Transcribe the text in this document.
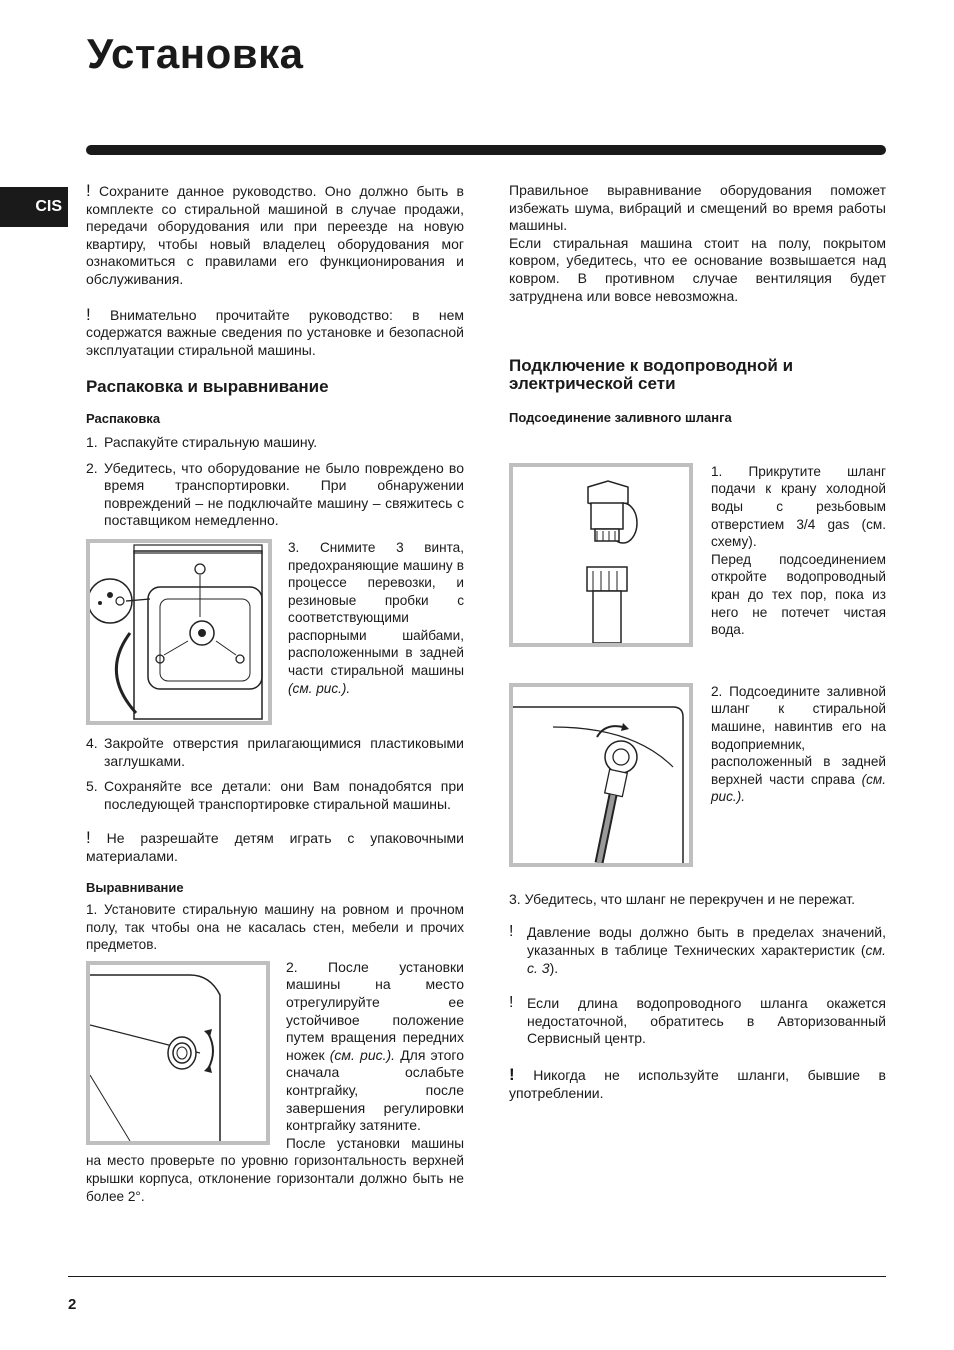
Установка
CIS

! Сохраните данное руководство. Оно должно быть в комплекте со стиральной машиной в случае продажи, передачи оборудования или при переезде на новую квартиру, чтобы новый владелец оборудования мог ознакомиться с правилами его функционирования и обслуживания.

! Внимательно прочитайте руководство: в нем содержатся важные сведения по установке и безопасной эксплуатации стиральной машины.

Распаковка и выравнивание
Распаковка
1. Распакуйте стиральную машину.
2. Убедитесь, что оборудование не было повреждено во время транспортировки. При обнаружении повреждений – не подключайте машину – свяжитесь с поставщиком немедленно.

3. Снимите 3 винта, предохраняющие машину в процессе перевозки, и резиновые пробки с соответствующими распорными шайбами, расположенными в задней части стиральной машины (см. рис.).

4. Закройте отверстия прилагающимися пластиковыми заглушками.
5. Сохраняйте все детали: они Вам понадобятся при последующей транспортировке стиральной машины.

! Не разрешайте детям играть с упаковочными материалами.

Выравнивание

1. Установите стиральную машину на ровном и прочном полу, так чтобы она не касалась стен, мебели и прочих предметов.

2. После установки машины на место отрегулируйте ее устойчивое положение путем вращения передних ножек (см. рис.). Для этого сначала ослабьте контргайку, после завершения регулировки контргайку затяните.

После установки машины на место проверьте по уровню горизонтальность верхней крышки корпуса, отклонение горизонтали должно быть не более 2°.

Правильное выравнивание оборудования поможет избежать шума, вибраций и смещений во время работы машины.

Если стиральная машина стоит на полу, покрытом ковром, убедитесь, что ее основание возвышается над ковром. В противном случае вентиляция будет затруднена или вовсе невозможна.

Подключение к водопроводной и электрической сети
Подсоединение заливного шланга

1. Прикрутите шланг подачи к крану холодной воды с резьбовым отверстием 3/4 gas (см. схему).

Перед подсоединением откройте водопроводный кран до тех пор, пока из него не потечет чистая вода.

2. Подсоедините заливной шланг к стиральной машине, навинтив его на водоприемник, расположенный в задней верхней части справа (см. рис.).

3. Убедитесь, что шланг не перекручен и не пережат.

! Давление воды должно быть в пределах значений, указанных в таблице Технических характеристик (см. с. 3).
! Если длина водопроводного шланга окажется недостаточной, обратитесь в Авторизованный Сервисный центр.

! Никогда не используйте шланги, бывшие в употреблении.

2
